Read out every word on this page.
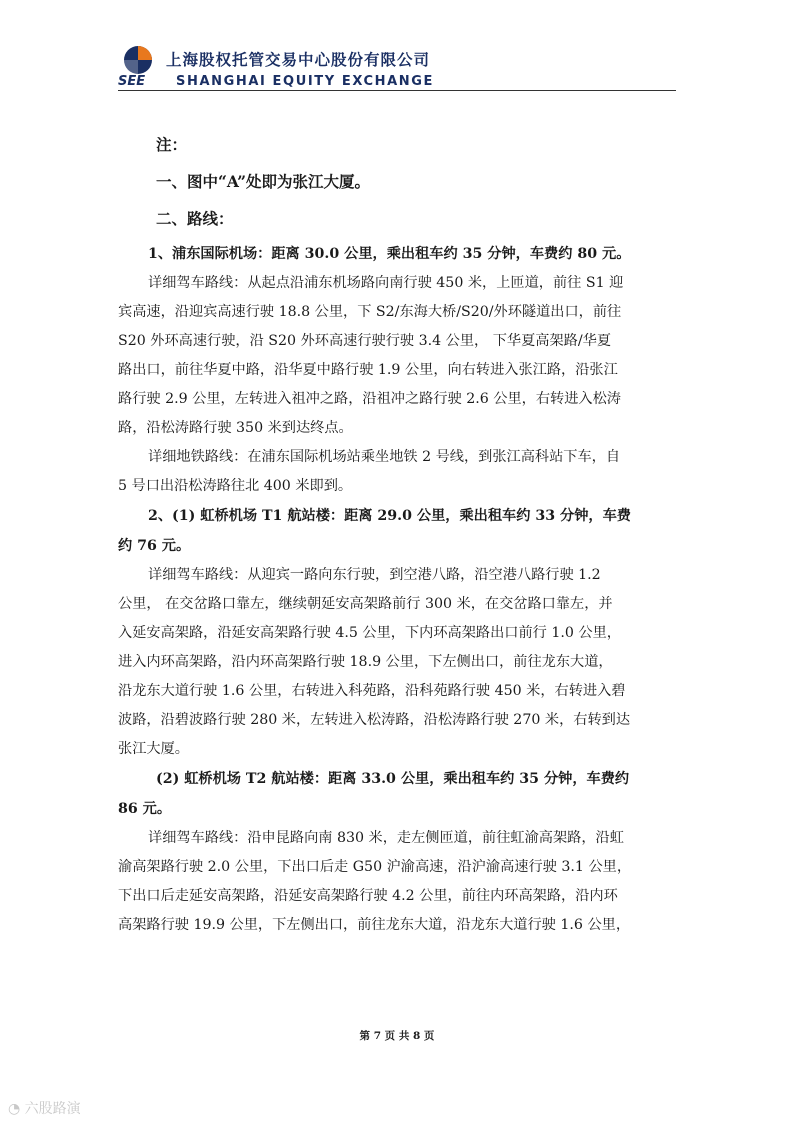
SEE
上海股权托管交易中心股份有限公司
SHANGHAI EQUITY EXCHANGE
注：
一、图中“A”处即为张江大厦。
二、路线：
1、浦东国际机场：距离 30.0 公里，乘出租车约 35 分钟，车费约 80 元。
详细驾车路线：从起点沿浦东机场路向南行驶 450 米，上匝道，前往 S1 迎
宾高速，沿迎宾高速行驶 18.8 公里，下 S2/东海大桥/S20/外环隧道出口，前往
S20 外环高速行驶，沿 S20 外环高速行驶行驶 3.4 公里， 下华夏高架路/华夏
路出口，前往华夏中路，沿华夏中路行驶 1.9 公里，向右转进入张江路，沿张江
路行驶 2.9 公里，左转进入祖冲之路，沿祖冲之路行驶 2.6 公里，右转进入松涛
路，沿松涛路行驶 350 米到达终点。
详细地铁路线：在浦东国际机场站乘坐地铁 2 号线，到张江高科站下车，自
5 号口出沿松涛路往北 400 米即到。
2、(1) 虹桥机场 T1 航站楼：距离 29.0 公里，乘出租车约 33 分钟，车费
约 76 元。
详细驾车路线：从迎宾一路向东行驶，到空港八路，沿空港八路行驶 1.2
公里， 在交岔路口靠左，继续朝延安高架路前行 300 米，在交岔路口靠左，并
入延安高架路，沿延安高架路行驶 4.5 公里，下内环高架路出口前行 1.0 公里，
进入内环高架路，沿内环高架路行驶 18.9 公里，下左侧出口，前往龙东大道，
沿龙东大道行驶 1.6 公里，右转进入科苑路，沿科苑路行驶 450 米，右转进入碧
波路，沿碧波路行驶 280 米，左转进入松涛路，沿松涛路行驶 270 米，右转到达
张江大厦。
(2) 虹桥机场 T2 航站楼：距离 33.0 公里，乘出租车约 35 分钟，车费约
86 元。
详细驾车路线：沿申昆路向南 830 米，走左侧匝道，前往虹渝高架路，沿虹
渝高架路行驶 2.0 公里，下出口后走 G50 沪渝高速，沿沪渝高速行驶 3.1 公里，
下出口后走延安高架路，沿延安高架路行驶 4.2 公里，前往内环高架路，沿内环
高架路行驶 19.9 公里，下左侧出口，前往龙东大道，沿龙东大道行驶 1.6 公里，
第 7 页 共 8 页
◔ 六股路演
